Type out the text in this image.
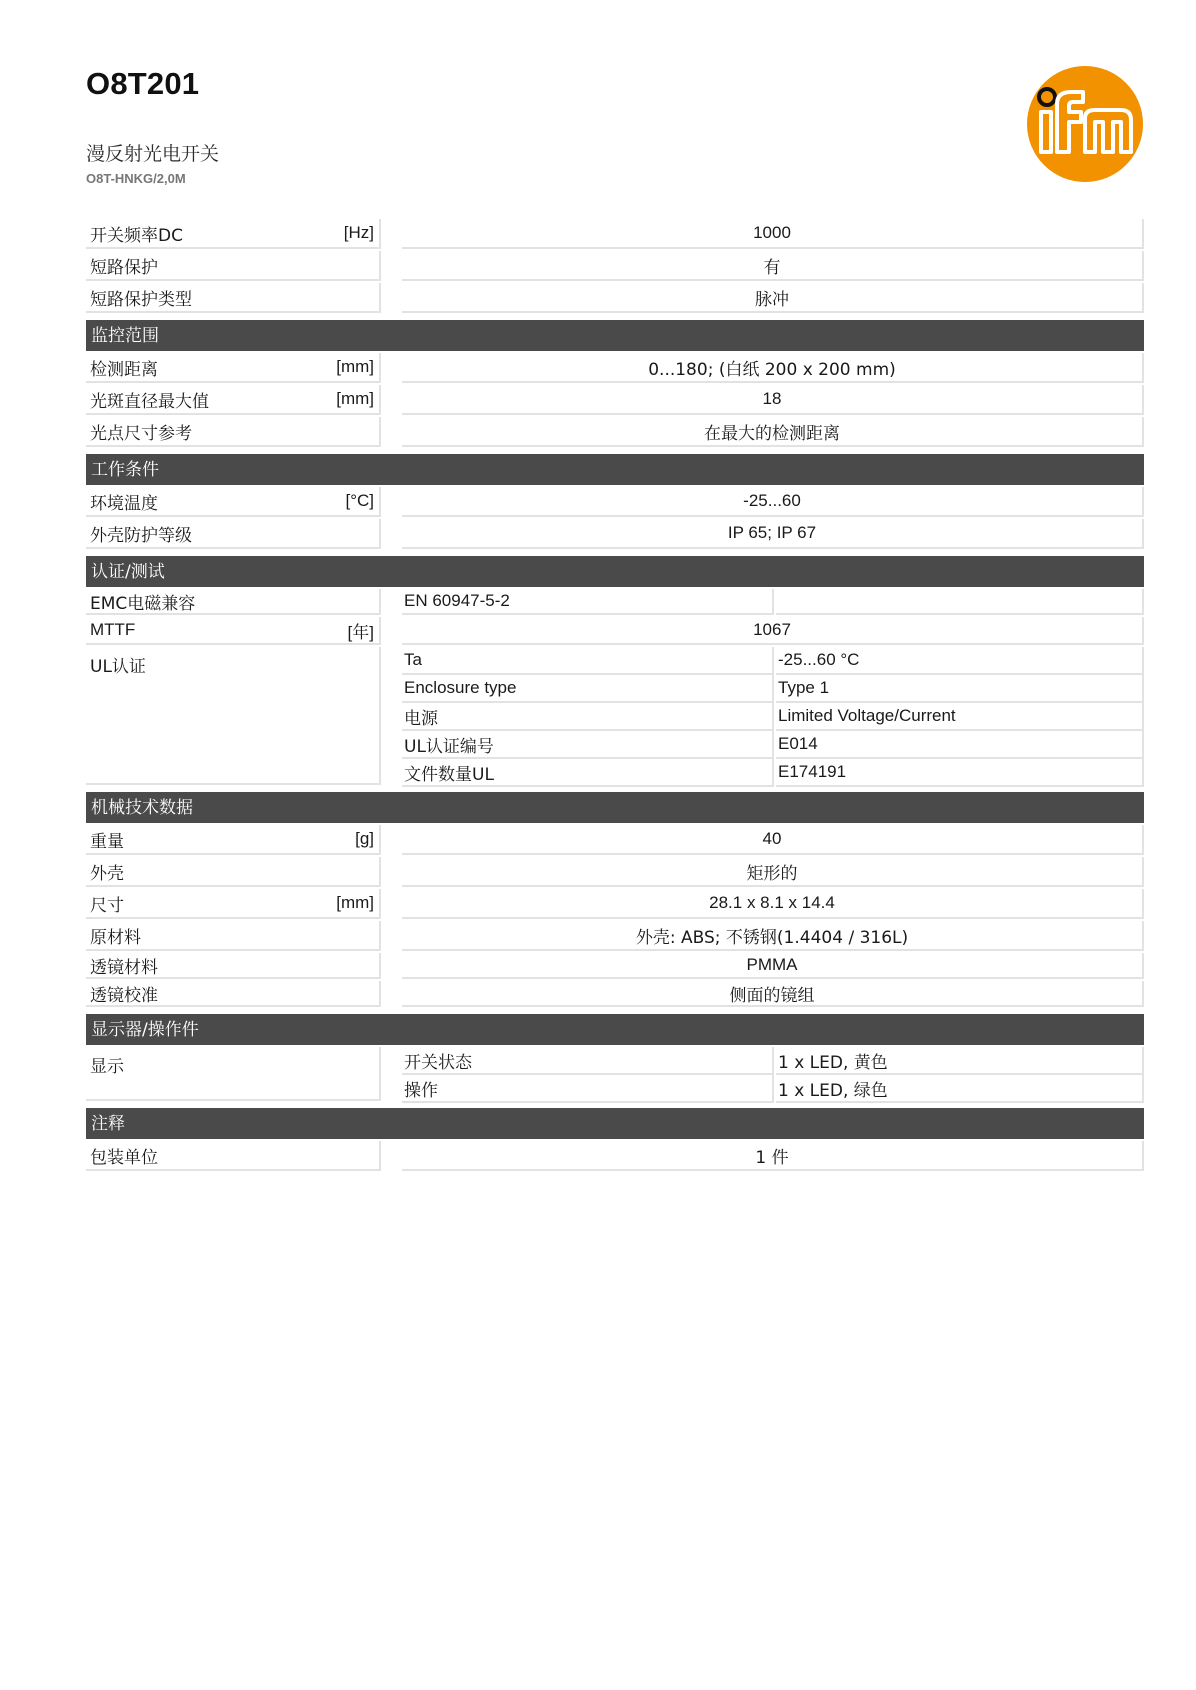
O8T201
漫反射光电开关
O8T-HNKG/2,0M
开关频率DC	[Hz]	1000
短路保护	有
短路保护类型	脉冲
监控范围
检测距离	[mm]	0...180; (白纸 200 x 200 mm)
光斑直径最大值	[mm]	18
光点尺寸参考	在最大的检测距离
工作条件
环境温度	[°C]	-25...60
外壳防护等级	IP 65; IP 67
认证/测试
EMC电磁兼容	EN 60947-5-2
MTTF	[年]	1067
UL认证	Ta	-25...60 °C
Enclosure type	Type 1
电源	Limited Voltage/Current
UL认证编号	E014
文件数量UL	E174191
机械技术数据
重量	[g]	40
外壳	矩形的
尺寸	[mm]	28.1 x 8.1 x 14.4
原材料	外壳: ABS; 不锈钢(1.4404 / 316L)
透镜材料	PMMA
透镜校准	侧面的镜组
显示器/操作件
显示	开关状态	1 x LED, 黄色
操作	1 x LED, 绿色
注释
包装单位	1 件
